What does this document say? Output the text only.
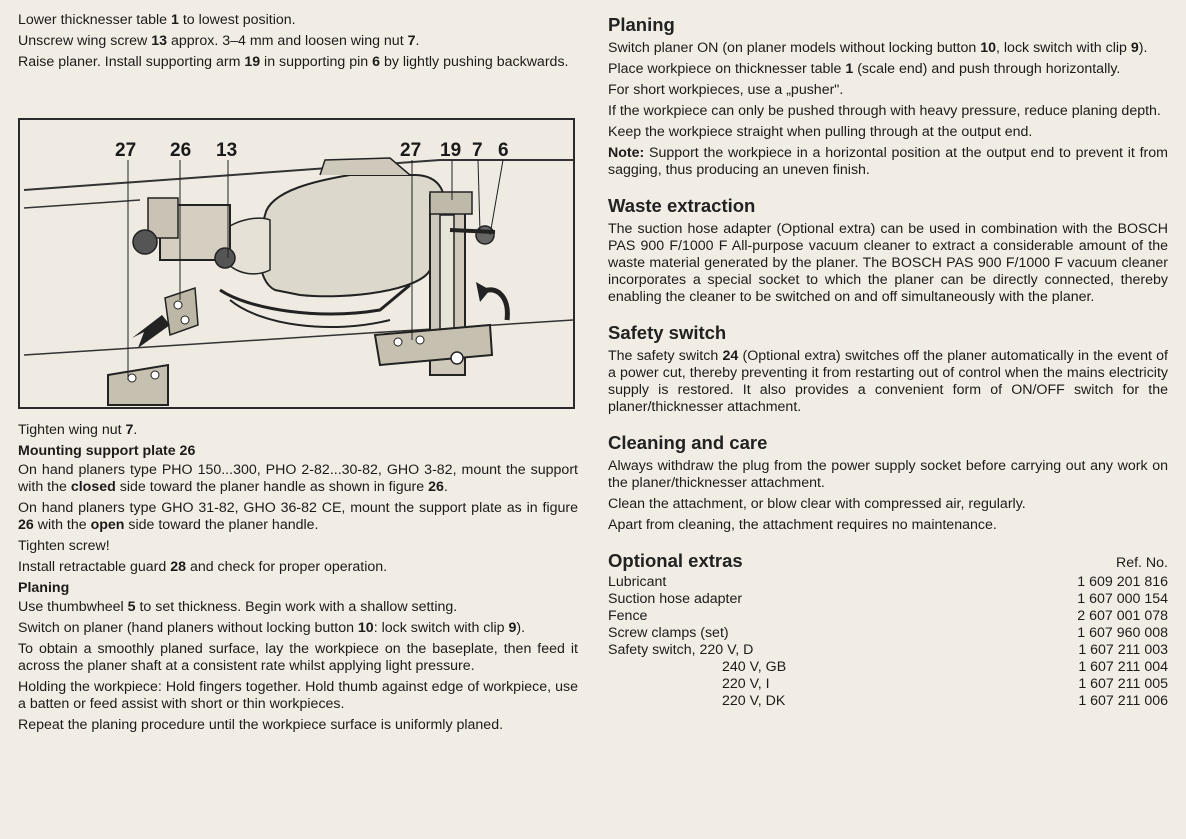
Lower thicknesser table 1 to lowest position.

Unscrew wing screw 13 approx. 3–4 mm and loosen wing nut 7.

Raise planer. Install supporting arm 19 in supporting pin 6 by lightly pushing backwards.

27 26 13	27 19 7 6

Tighten wing nut 7.

Mounting support plate 26

On hand planers type PHO 150...300, PHO 2-82...30-82, GHO 3-82, mount the support with the closed side toward the planer handle as shown in figure 26.

On hand planers type GHO 31-82, GHO 36-82 CE, mount the support plate as in figure 26 with the open side toward the planer handle.

Tighten screw!

Install retractable guard 28 and check for proper operation.

Planing

Use thumbwheel 5 to set thickness. Begin work with a shallow setting.

Switch on planer (hand planers without locking button 10: lock switch with clip 9).

To obtain a smoothly planed surface, lay the workpiece on the baseplate, then feed it across the planer shaft at a consistent rate whilst applying light pressure.

Holding the workpiece: Hold fingers together. Hold thumb against edge of workpiece, use a batten or feed assist with short or thin workpieces.

Repeat the planing procedure until the workpiece surface is uniformly planed.

Planing

Switch planer ON (on planer models without locking button 10, lock switch with clip 9).

Place workpiece on thicknesser table 1 (scale end) and push through horizontally.

For short workpieces, use a „pusher".

If the workpiece can only be pushed through with heavy pressure, reduce planing depth.

Keep the workpiece straight when pulling through at the output end.

Note: Support the workpiece in a horizontal position at the output end to prevent it from sagging, thus producing an uneven finish.

Waste extraction

The suction hose adapter (Optional extra) can be used in combination with the BOSCH PAS 900 F/1000 F All-purpose vacuum cleaner to extract a considerable amount of the waste material generated by the planer. The BOSCH PAS 900 F/1000 F vacuum cleaner incorporates a special socket to which the planer can be directly connected, thereby enabling the cleaner to be switched on and off simultaneously with the planer.

Safety switch

The safety switch 24 (Optional extra) switches off the planer automatically in the event of a power cut, thereby preventing it from restarting out of control when the mains electricity supply is restored. It also provides a convenient form of ON/OFF switch for the planer/thicknesser attachment.

Cleaning and care

Always withdraw the plug from the power supply socket before carrying out any work on the planer/thicknesser attachment.

Clean the attachment, or blow clear with compressed air, regularly.

Apart from cleaning, the attachment requires no maintenance.

Optional extras	Ref. No.
Lubricant	1 609 201 816
Suction hose adapter	1 607 000 154
Fence	2 607 001 078
Screw clamps (set)	1 607 960 008
Safety switch, 220 V, D	1 607 211 003
240 V, GB	1 607 211 004
220 V, I	1 607 211 005
220 V, DK	1 607 211 006
